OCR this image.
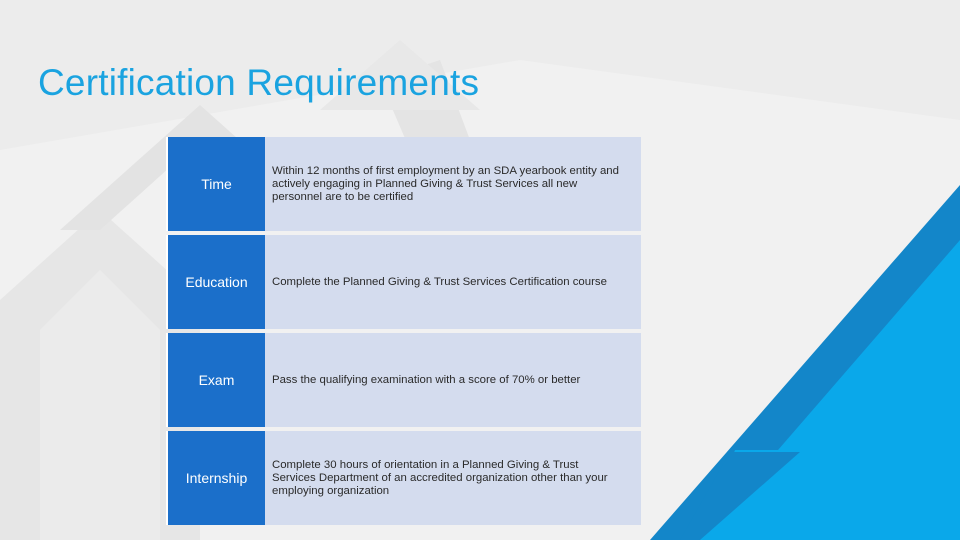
Certification Requirements
Time
Within 12 months of first employment by an SDA yearbook entity and actively engaging in Planned Giving & Trust Services all new personnel are to be certified
Education	Complete the Planned Giving & Trust Services Certification course
Exam	Pass the qualifying examination with a score of 70% or better
Internship
Complete 30 hours of orientation in a Planned Giving & Trust Services Department of an accredited organization other than your employing organization
